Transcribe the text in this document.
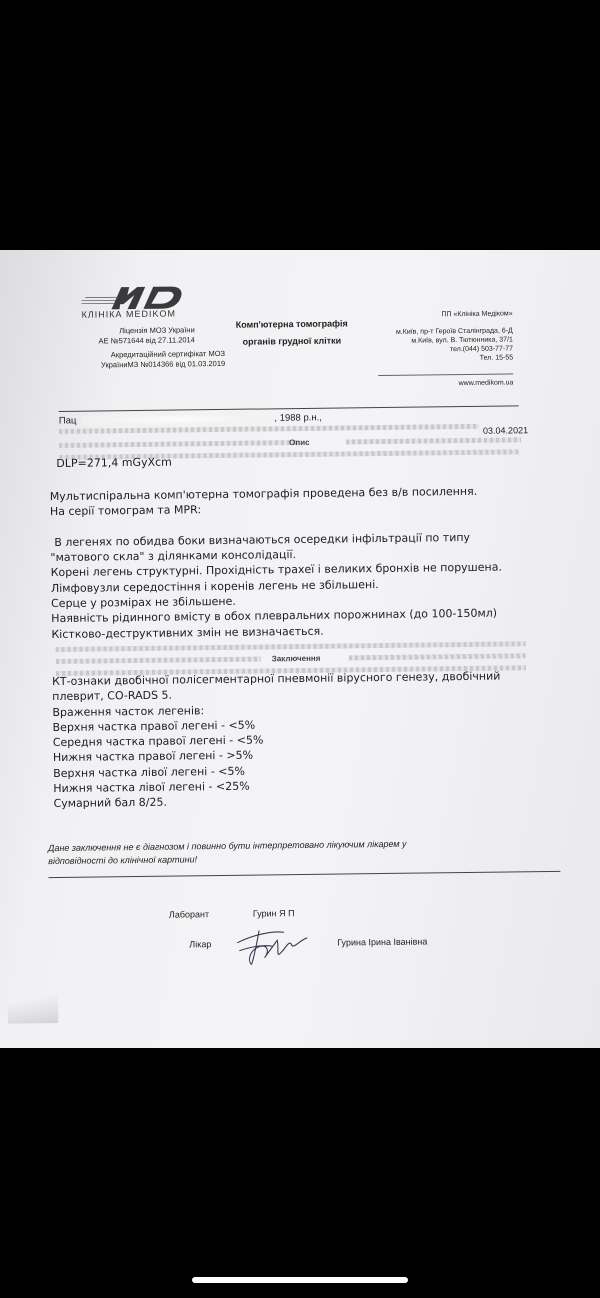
КЛІНІКА MEDIKOM
Ліцензія МОЗ України
АЕ №571644 від 27.11.2014
Акредитаційний сертифікат МОЗ
УкраїниМЗ №014366 від 01.03.2019
Комп'ютерна томографія
органів грудної клітки
ПП «Клініка Медіком»
м.Київ, пр-т Героїв Сталінграда, 6-Д
м.Київ, вул. В. Тютюнника, 37/1
тел.(044) 503-77-77
Тел. 15-55
www.medikom.ua
Пац	, 1988 р.н.,
03.04.2021
Опис
DLP=271,4 mGyXcm
Мультиспіральна комп'ютерна томографія проведена без в/в посилення.
На серії томограм та MPR:

В легенях по обидва боки визначаються осередки інфільтрації по типу
"матового скла" з ділянками консолідації.
Корені легень структурні. Прохідність трахеї і великих бронхів не порушена.
Лімфовузли середостіння і коренів легень не збільшені.
Серце у розмірах не збільшене.
Наявність рідинного вмісту в обох плевральних порожнинах (до 100-150мл)
Кістково-деструктивних змін не визначається.
Заключення
КТ-ознаки двобічної полісегментарної пневмонії вірусного генезу, двобічний
плеврит, CO-RADS 5.
Враження часток легенів:
Верхня частка правої легені - <5%
Середня частка правої легені - <5%
Нижня частка правої легені - >5%
Верхня частка лівої легені - <5%
Нижня частка лівої легені - <25%
Сумарний бал 8/25.
Дане заключення не є діагнозом і повинно бути інтерпретовано лікуючим лікарем у
відповідності до клінічної картини!
Лаборант	Гурин Я П
Лікар	Гурина Ірина Іванівна
